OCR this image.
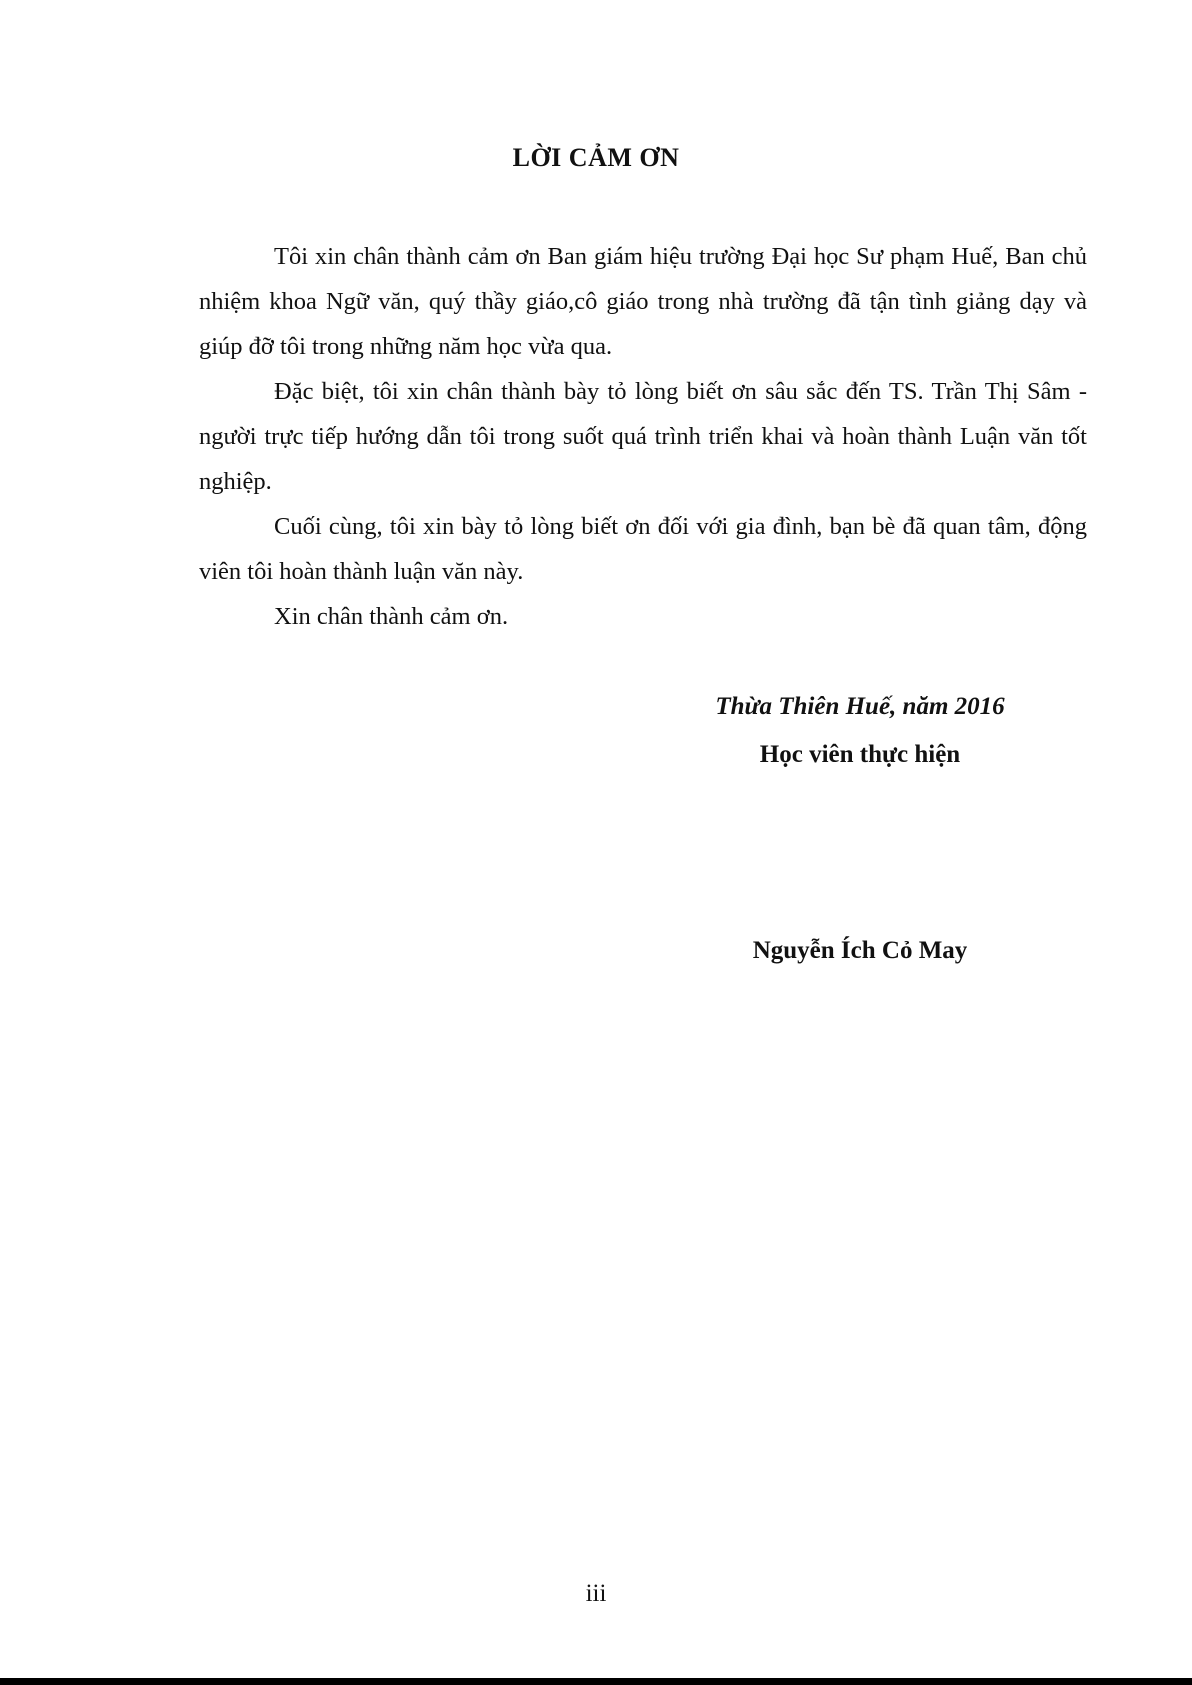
LỜI CẢM ƠN

Tôi xin chân thành cảm ơn Ban giám hiệu trường Đại học Sư phạm Huế, Ban chủ nhiệm khoa Ngữ văn, quý thầy giáo,cô giáo trong nhà trường đã tận tình giảng dạy và giúp đỡ tôi trong những năm học vừa qua.

Đặc biệt, tôi xin chân thành bày tỏ lòng biết ơn sâu sắc đến TS. Trần Thị Sâm - người trực tiếp hướng dẫn tôi trong suốt quá trình triển khai và hoàn thành Luận văn tốt nghiệp.

Cuối cùng, tôi xin bày tỏ lòng biết ơn đối với gia đình, bạn bè đã quan tâm, động viên tôi hoàn thành luận văn này.

Xin chân thành cảm ơn.

Thừa Thiên Huế, năm 2016
Học viên thực hiện
Nguyễn Ích Cỏ May
iii
